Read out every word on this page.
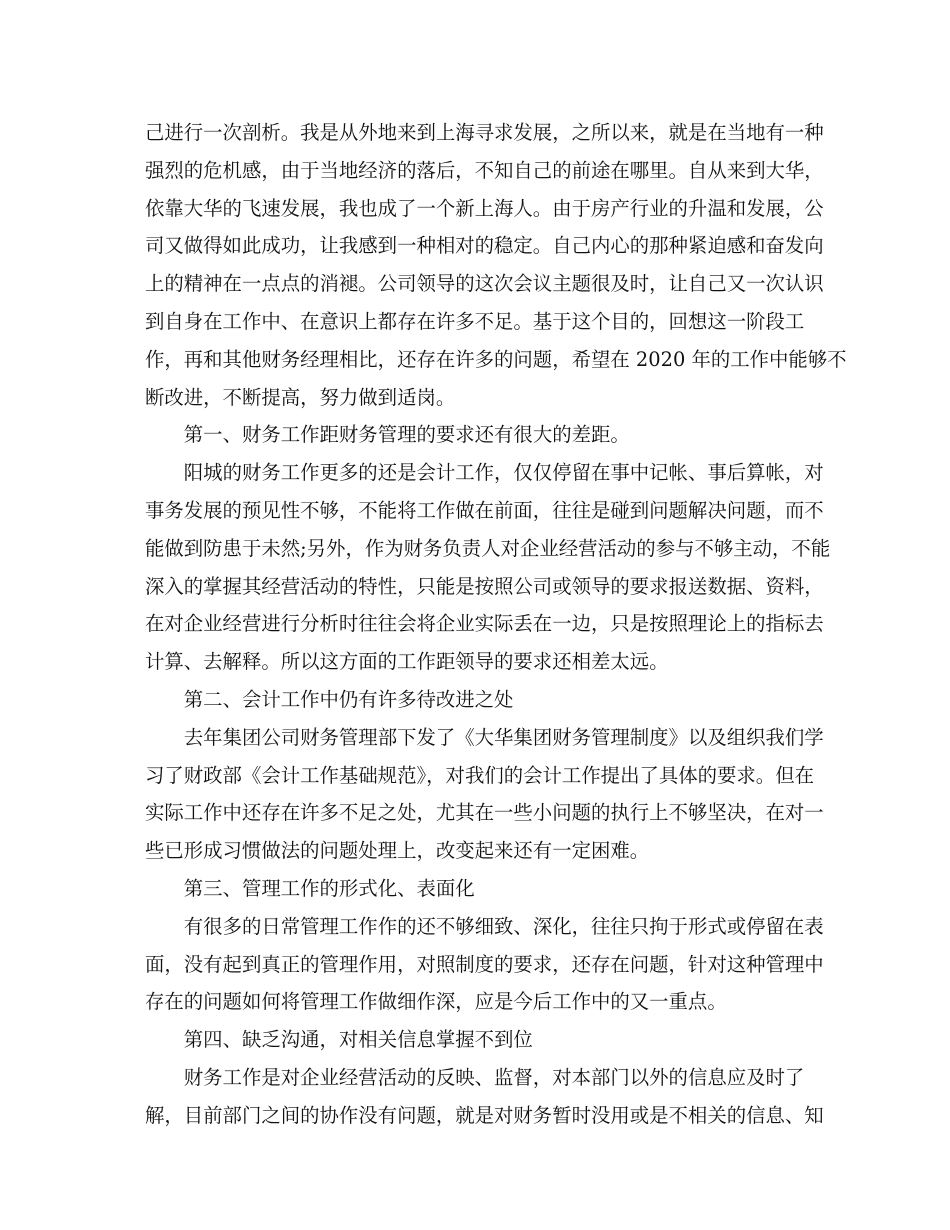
己进行一次剖析。我是从外地来到上海寻求发展，之所以来，就是在当地有一种
强烈的危机感，由于当地经济的落后，不知自己的前途在哪里。自从来到大华，
依靠大华的飞速发展，我也成了一个新上海人。由于房产行业的升温和发展，公
司又做得如此成功，让我感到一种相对的稳定。自己内心的那种紧迫感和奋发向
上的精神在一点点的消褪。公司领导的这次会议主题很及时，让自己又一次认识
到自身在工作中、在意识上都存在许多不足。基于这个目的，回想这一阶段工
作，再和其他财务经理相比，还存在许多的问题，希望在 2020 年的工作中能够不
断改进，不断提高，努力做到适岗。
第一、财务工作距财务管理的要求还有很大的差距。
阳城的财务工作更多的还是会计工作，仅仅停留在事中记帐、事后算帐，对
事务发展的预见性不够，不能将工作做在前面，往往是碰到问题解决问题，而不
能做到防患于未然;另外，作为财务负责人对企业经营活动的参与不够主动，不能
深入的掌握其经营活动的特性，只能是按照公司或领导的要求报送数据、资料，
在对企业经营进行分析时往往会将企业实际丢在一边，只是按照理论上的指标去
计算、去解释。所以这方面的工作距领导的要求还相差太远。
第二、会计工作中仍有许多待改进之处
去年集团公司财务管理部下发了《大华集团财务管理制度》以及组织我们学
习了财政部《会计工作基础规范》，对我们的会计工作提出了具体的要求。但在
实际工作中还存在许多不足之处，尤其在一些小问题的执行上不够坚决，在对一
些已形成习惯做法的问题处理上，改变起来还有一定困难。
第三、管理工作的形式化、表面化
有很多的日常管理工作作的还不够细致、深化，往往只拘于形式或停留在表
面，没有起到真正的管理作用，对照制度的要求，还存在问题，针对这种管理中
存在的问题如何将管理工作做细作深，应是今后工作中的又一重点。
第四、缺乏沟通，对相关信息掌握不到位
财务工作是对企业经营活动的反映、监督，对本部门以外的信息应及时了
解，目前部门之间的协作没有问题，就是对财务暂时没用或是不相关的信息、知
